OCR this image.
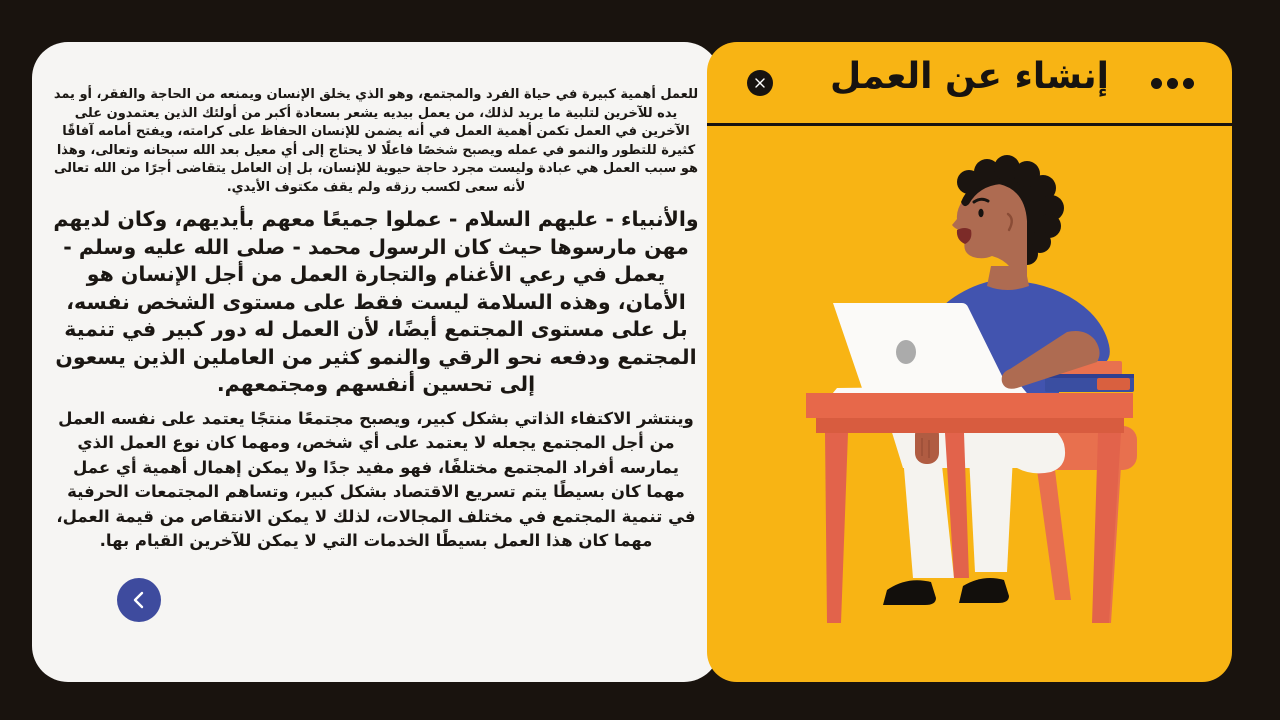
للعمل أهمية كبيرة في حياة الفرد والمجتمع، وهو الذي يخلق الإنسان ويمنعه من الحاجة والفقر، أو يمد يده للآخرين لتلبية ما يريد لذلك، من يعمل بيديه يشعر بسعادة أكبر من أولئك الذين يعتمدون على الآخرين في العمل تكمن أهمية العمل في أنه يضمن للإنسان الحفاظ على كرامته، ويفتح أمامه آفاقًا كثيرة للتطور والنمو في عمله ويصبح شخصًا فاعلًا لا يحتاج إلى أي معيل بعد الله سبحانه وتعالى، وهذا هو سبب العمل هي عبادة وليست مجرد حاجة حيوية للإنسان، بل إن العامل يتقاضى أجرًا من الله تعالى لأنه سعى لكسب رزقه ولم يقف مكتوف الأيدي.

والأنبياء - عليهم السلام - عملوا جميعًا معهم بأيديهم، وكان لديهم مهن مارسوها حيث كان الرسول محمد - صلى الله عليه وسلم - يعمل في رعي الأغنام والتجارة العمل من أجل الإنسان هو الأمان، وهذه السلامة ليست فقط على مستوى الشخص نفسه، بل على مستوى المجتمع أيضًا، لأن العمل له دور كبير في تنمية المجتمع ودفعه نحو الرقي والنمو كثير من العاملين الذين يسعون إلى تحسين أنفسهم ومجتمعهم.

وينتشر الاكتفاء الذاتي بشكل كبير، ويصبح مجتمعًا منتجًا يعتمد على نفسه العمل من أجل المجتمع يجعله لا يعتمد على أي شخص، ومهما كان نوع العمل الذي يمارسه أفراد المجتمع مختلفًا، فهو مفيد جدًا ولا يمكن إهمال أهمية أي عمل مهما كان بسيطًا يتم تسريع الاقتصاد بشكل كبير، وتساهم المجتمعات الحرفية في تنمية المجتمع في مختلف المجالات، لذلك لا يمكن الانتقاص من قيمة العمل، مهما كان هذا العمل بسيطًا الخدمات التي لا يمكن للآخرين القيام بها.

إنشاء عن العمل
